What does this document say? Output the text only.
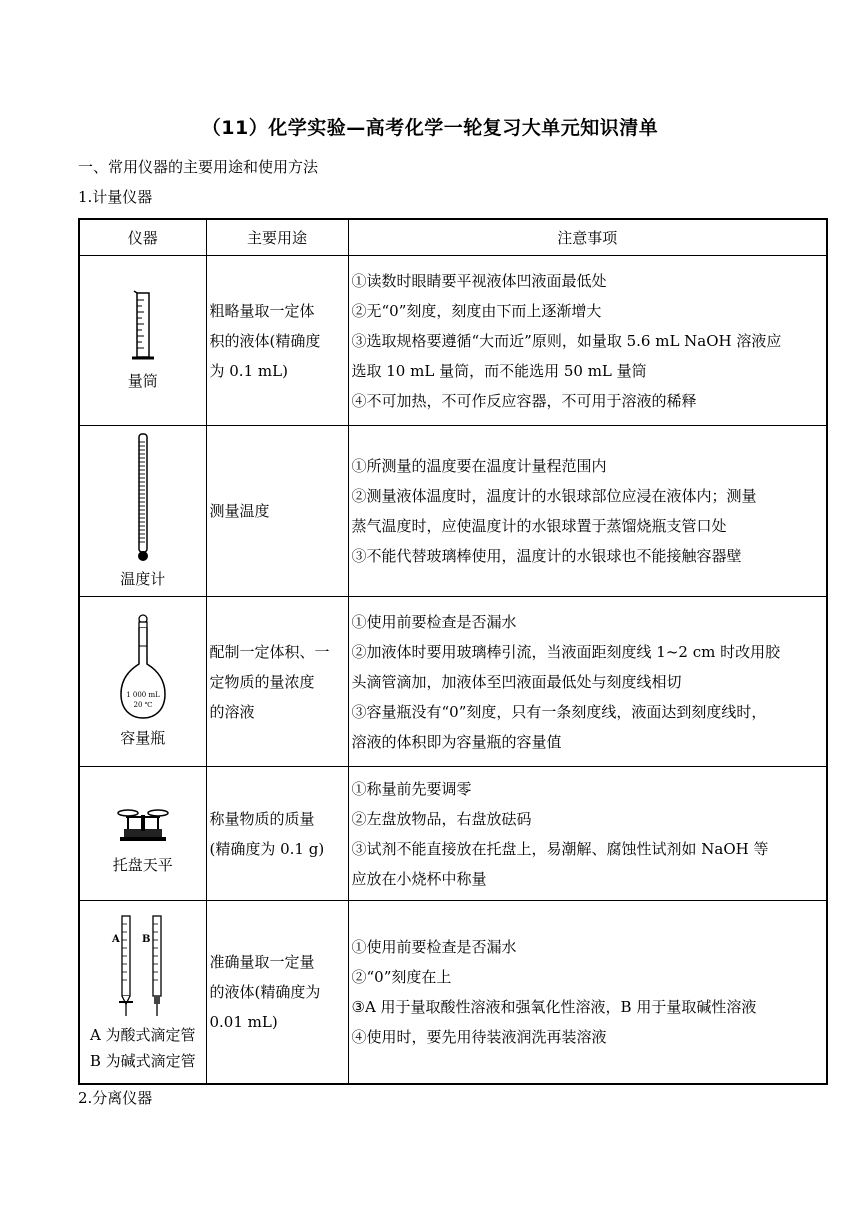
（11）化学实验—高考化学一轮复习大单元知识清单
一、常用仪器的主要用途和使用方法
1.计量仪器
仪器	主要用途	注意事项

量筒	粗略量取一定体
积的液体(精确度
为 0.1 mL)	①读数时眼睛要平视液体凹液面最低处
②无“0”刻度，刻度由下而上逐渐增大
③选取规格要遵循“大而近”原则，如量取 5.6 mL NaOH 溶液应
选取 10 mL 量筒，而不能选用 50 mL 量筒
④不可加热，不可作反应容器，不可用于溶液的稀释

温度计	测量温度	①所测量的温度要在温度计量程范围内
②测量液体温度时，温度计的水银球部位应浸在液体内；测量
蒸气温度时，应使温度计的水银球置于蒸馏烧瓶支管口处
③不能代替玻璃棒使用，温度计的水银球也不能接触容器壁

1 000 mL
20 ℃
容量瓶	配制一定体积、一
定物质的量浓度
的溶液	①使用前要检查是否漏水
②加液体时要用玻璃棒引流，当液面距刻度线 1~2 cm 时改用胶
头滴管滴加，加液体至凹液面最低处与刻度线相切
③容量瓶没有“0”刻度，只有一条刻度线，液面达到刻度线时，
溶液的体积即为容量瓶的容量值

托盘天平	称量物质的质量
(精确度为 0.1 g)	①称量前先要调零
②左盘放物品，右盘放砝码
③试剂不能直接放在托盘上，易潮解、腐蚀性试剂如 NaOH 等
应放在小烧杯中称量

A B
A 为酸式滴定管
B 为碱式滴定管	准确量取一定量
的液体(精确度为
0.01 mL)	①使用前要检查是否漏水
②“0”刻度在上
③A 用于量取酸性溶液和强氧化性溶液，B 用于量取碱性溶液
④使用时，要先用待装液润洗再装溶液
2.分离仪器
